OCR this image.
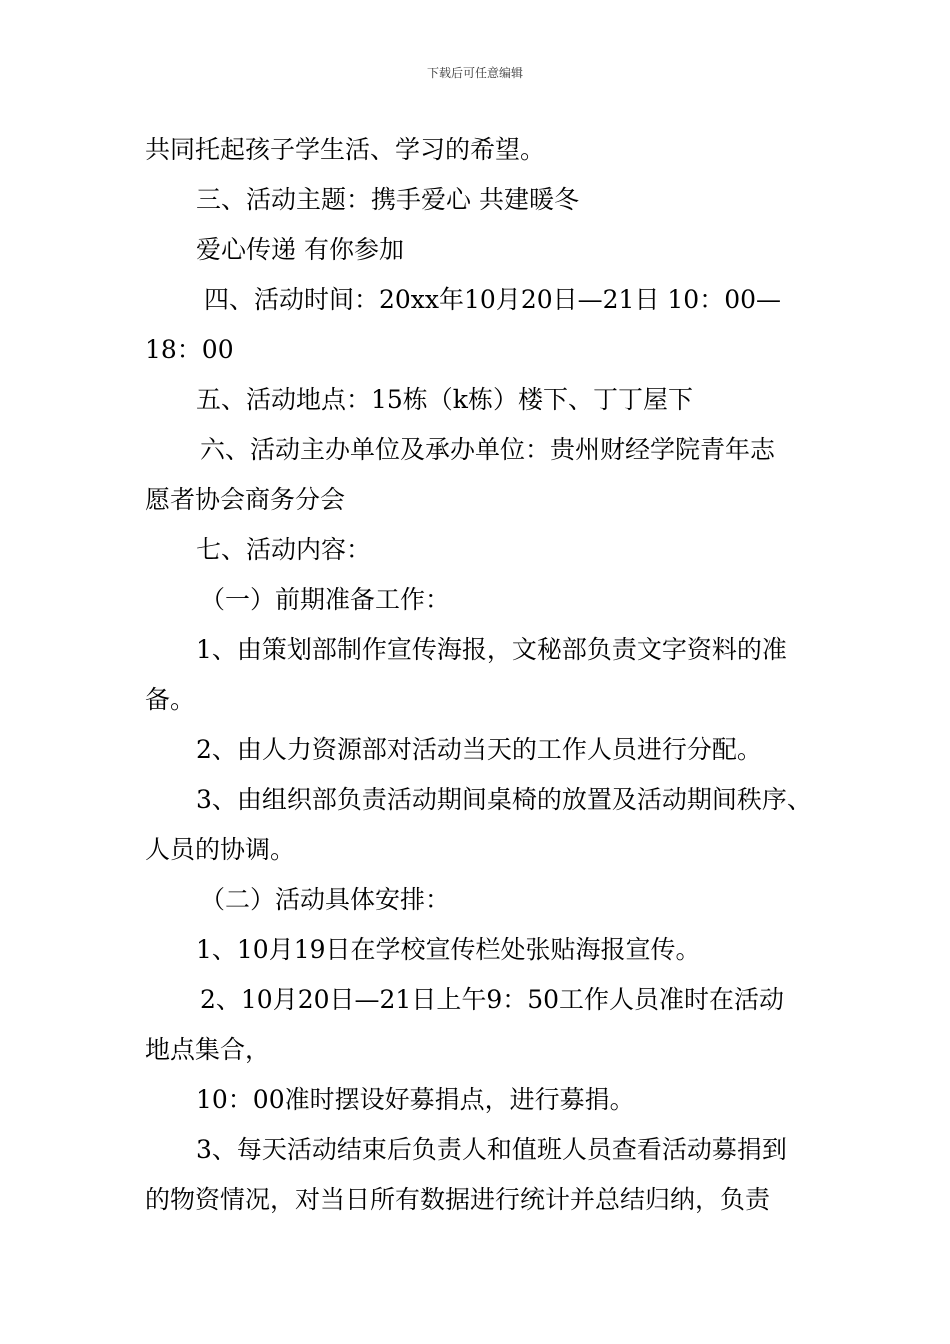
下载后可任意编辑
共同托起孩子学生活、学习的希望。
三、活动主题：携手爱心 共建暖冬
爱心传递 有你参加
四、活动时间：20xx年10月20日—21日 10：00—
18：00
五、活动地点：15栋（k栋）楼下、丁丁屋下
六、活动主办单位及承办单位：贵州财经学院青年志
愿者协会商务分会
七、活动内容：
（一）前期准备工作：
1、由策划部制作宣传海报，文秘部负责文字资料的准
备。
2、由人力资源部对活动当天的工作人员进行分配。
3、由组织部负责活动期间桌椅的放置及活动期间秩序、
人员的协调。
（二）活动具体安排：
1、10月19日在学校宣传栏处张贴海报宣传。
2、10月20日—21日上午9：50工作人员准时在活动
地点集合，
10：00准时摆设好募捐点，进行募捐。
3、每天活动结束后负责人和值班人员查看活动募捐到
的物资情况，对当日所有数据进行统计并总结归纳，负责
